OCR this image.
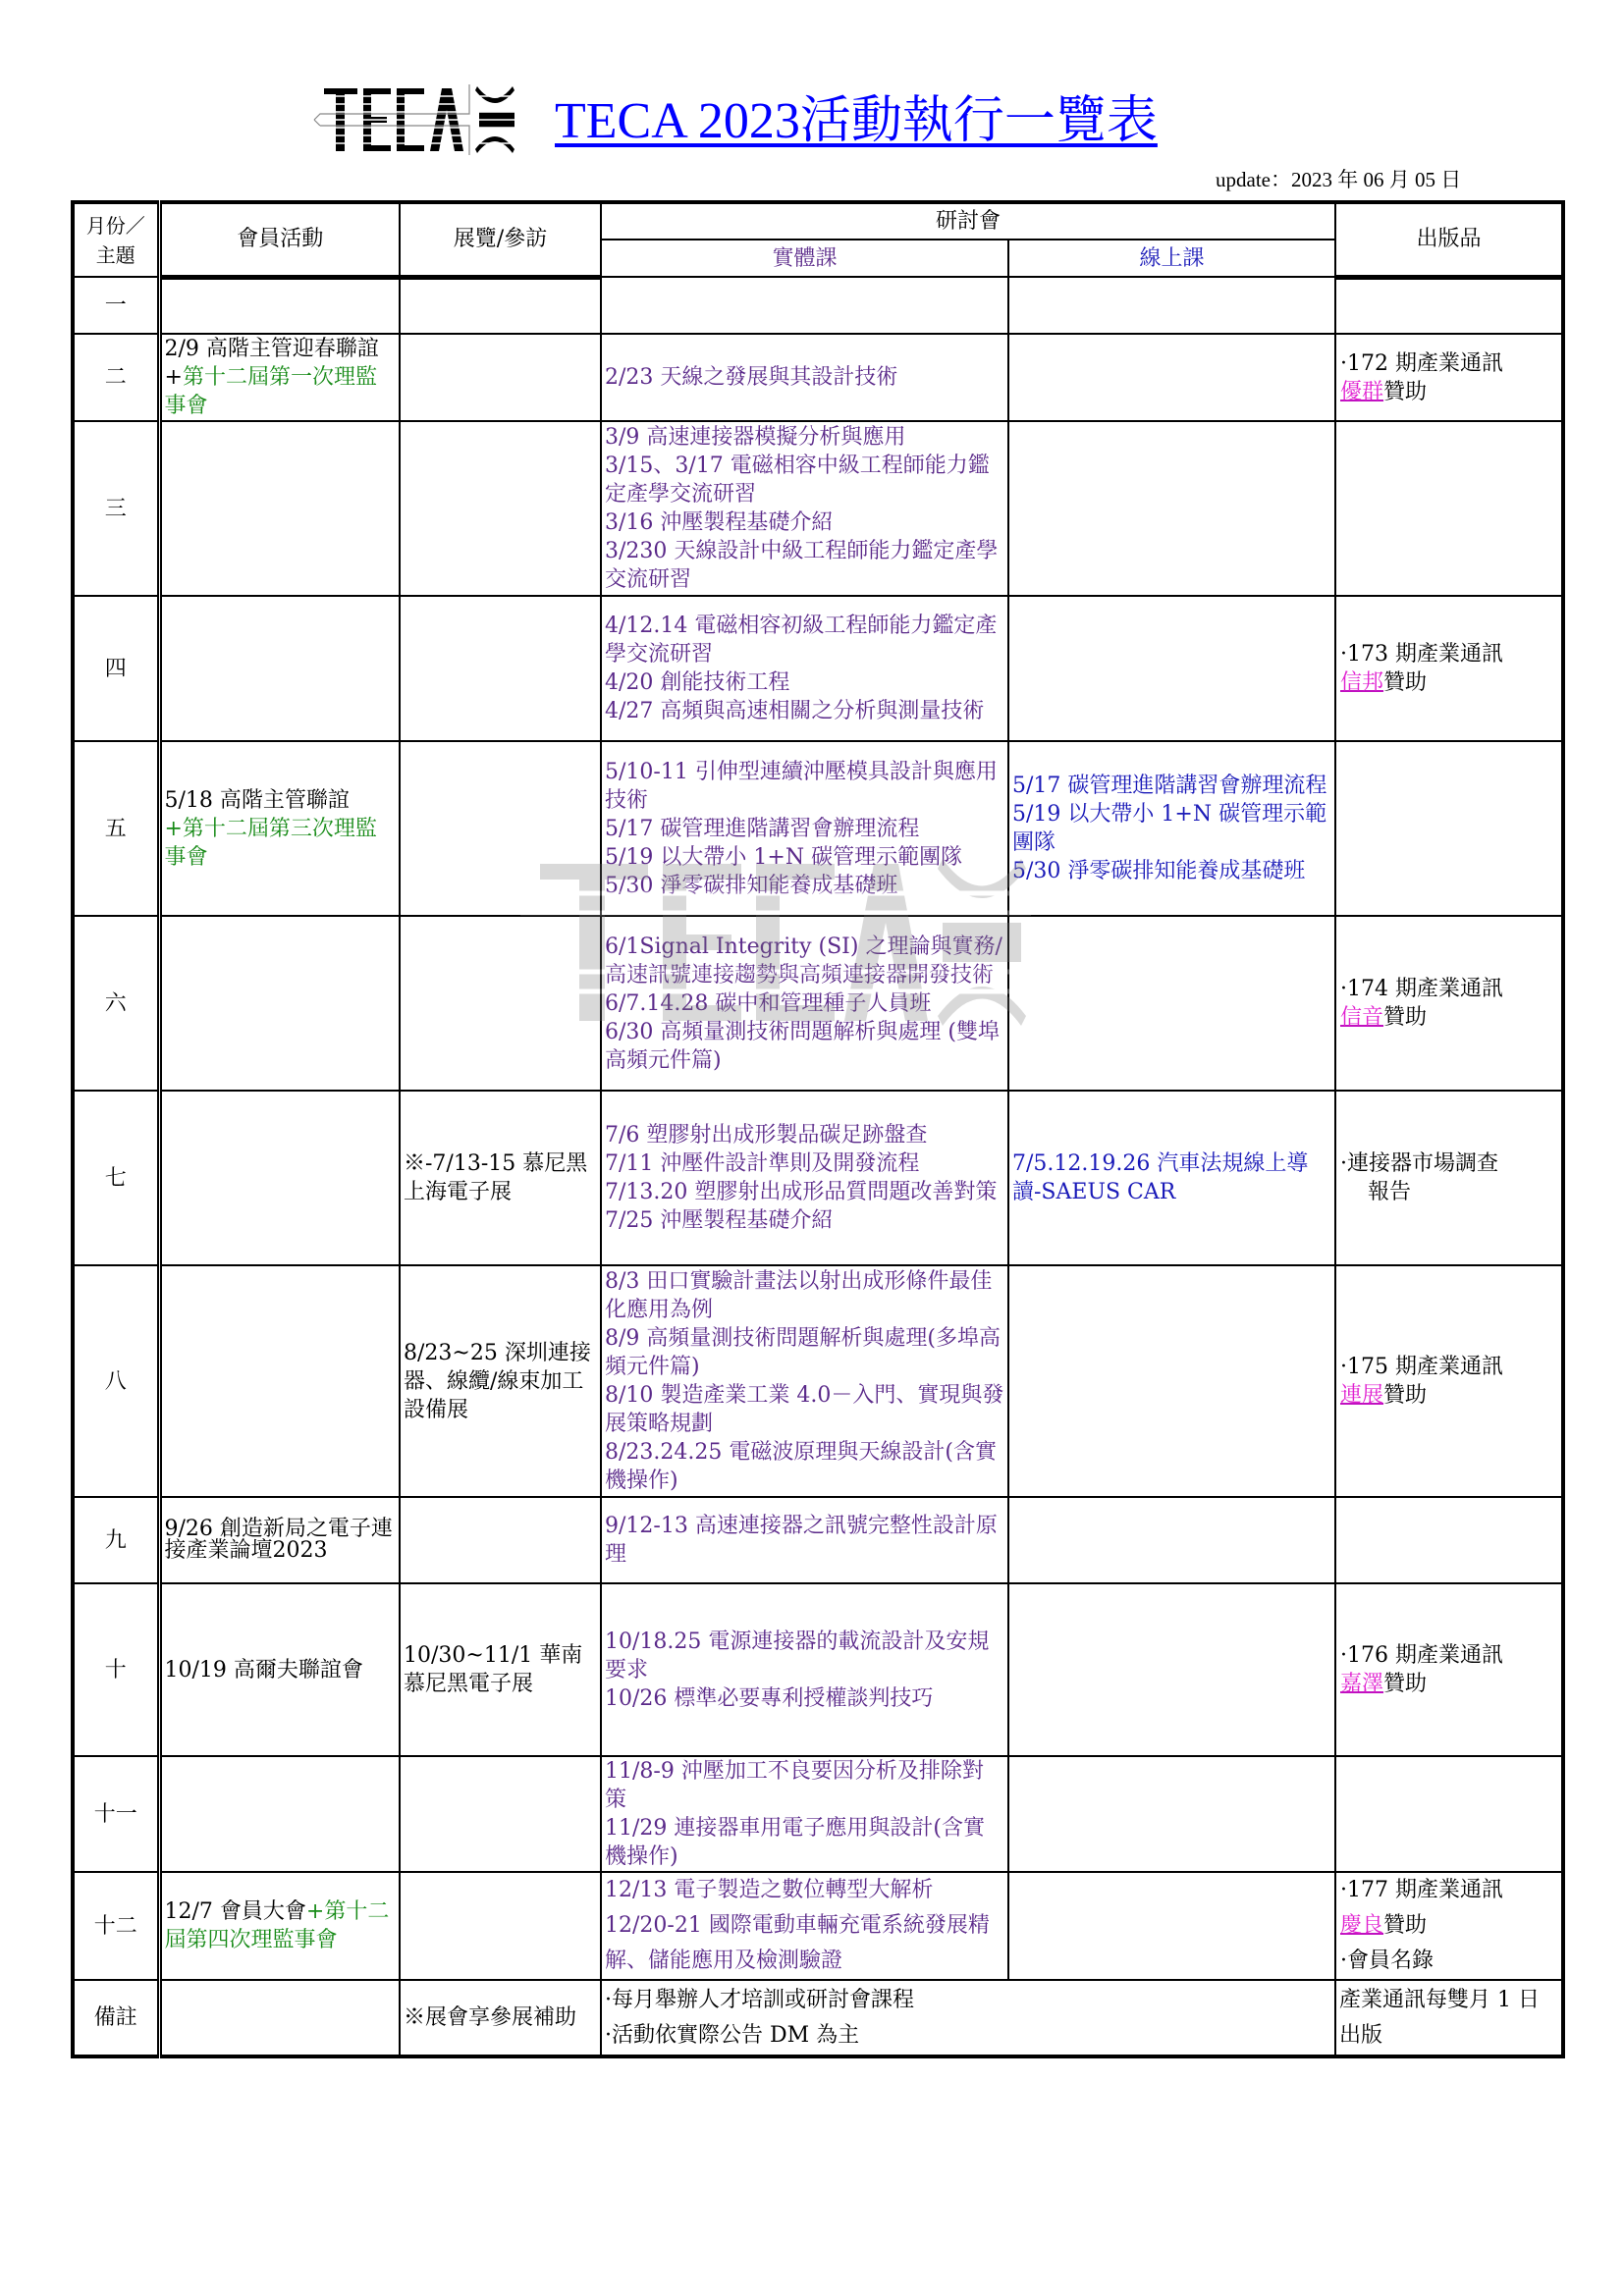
TECA 2023活動執行一覽表
update：2023 年 06 月 05 日
月份／主題	會員活動	展覽/參訪	研討會		出版品
			實體課	線上課	
一					
二	2/9 高階主管迎春聯誼+第十二屆第一次理監事會		2/23 天線之發展與其設計技術		·172 期產業通訊
優群贊助
三			3/9 高速連接器模擬分析與應用
3/15、3/17 電磁相容中級工程師能力鑑定產學交流研習
3/16 沖壓製程基礎介紹
3/230 天線設計中級工程師能力鑑定產學交流研習		

四			4/12.14 電磁相容初級工程師能力鑑定產學交流研習
4/20 創能技術工程
4/27 高頻與高速相關之分析與測量技術		·173 期產業通訊
信邦贊助
五	5/18 高階主管聯誼
+第十二屆第三次理監事會		5/10-11 引伸型連續沖壓模具設計與應用技術
5/17 碳管理進階講習會辦理流程
5/19 以大帶小 1+N 碳管理示範團隊
5/30 淨零碳排知能養成基礎班	5/17 碳管理進階講習會辦理流程
5/19 以大帶小 1+N 碳管理示範團隊
5/30 淨零碳排知能養成基礎班	

六			6/1Signal Integrity (SI) 之理論與實務/高速訊號連接趨勢與高頻連接器開發技術
6/7.14.28 碳中和管理種子人員班
6/30 高頻量測技術問題解析與處理 (雙埠高頻元件篇)		·174 期產業通訊
信音贊助
七		※-7/13-15 慕尼黑上海電子展	7/6 塑膠射出成形製品碳足跡盤查
7/11 沖壓件設計準則及開發流程
7/13.20 塑膠射出成形品質問題改善對策
7/25 沖壓製程基礎介紹	7/5.12.19.26 汽車法規線上導讀-SAEUS CAR	·連接器市場調查
報告

八		8/23~25 深圳連接器、線纜/線束加工設備展	8/3 田口實驗計畫法以射出成形條件最佳化應用為例
8/9 高頻量測技術問題解析與處理(多埠高頻元件篇)
8/10 製造產業工業 4.0－入門、實現與發展策略規劃
8/23.24.25 電磁波原理與天線設計(含實機操作)		·175 期產業通訊
連展贊助
九	9/26 創造新局之電子連接產業論壇2023		9/12-13 高速連接器之訊號完整性設計原理		

十	10/19 高爾夫聯誼會	10/30~11/1 華南慕尼黑電子展	10/18.25 電源連接器的載流設計及安規要求
10/26 標準必要專利授權談判技巧		·176 期產業通訊
嘉澤贊助
十一			11/8-9 沖壓加工不良要因分析及排除對策
11/29 連接器車用電子應用與設計(含實機操作)		

十二	12/7 會員大會+第十二屆第四次理監事會		12/13 電子製造之數位轉型大解析
12/20-21 國際電動車輛充電系統發展精解、儲能應用及檢測驗證		·177 期產業通訊
慶良贊助
·會員名錄

備註		※展會享參展補助	·每月舉辦人才培訓或研討會課程
·活動依實際公告 DM 為主		產業通訊每雙月 1 日出版
